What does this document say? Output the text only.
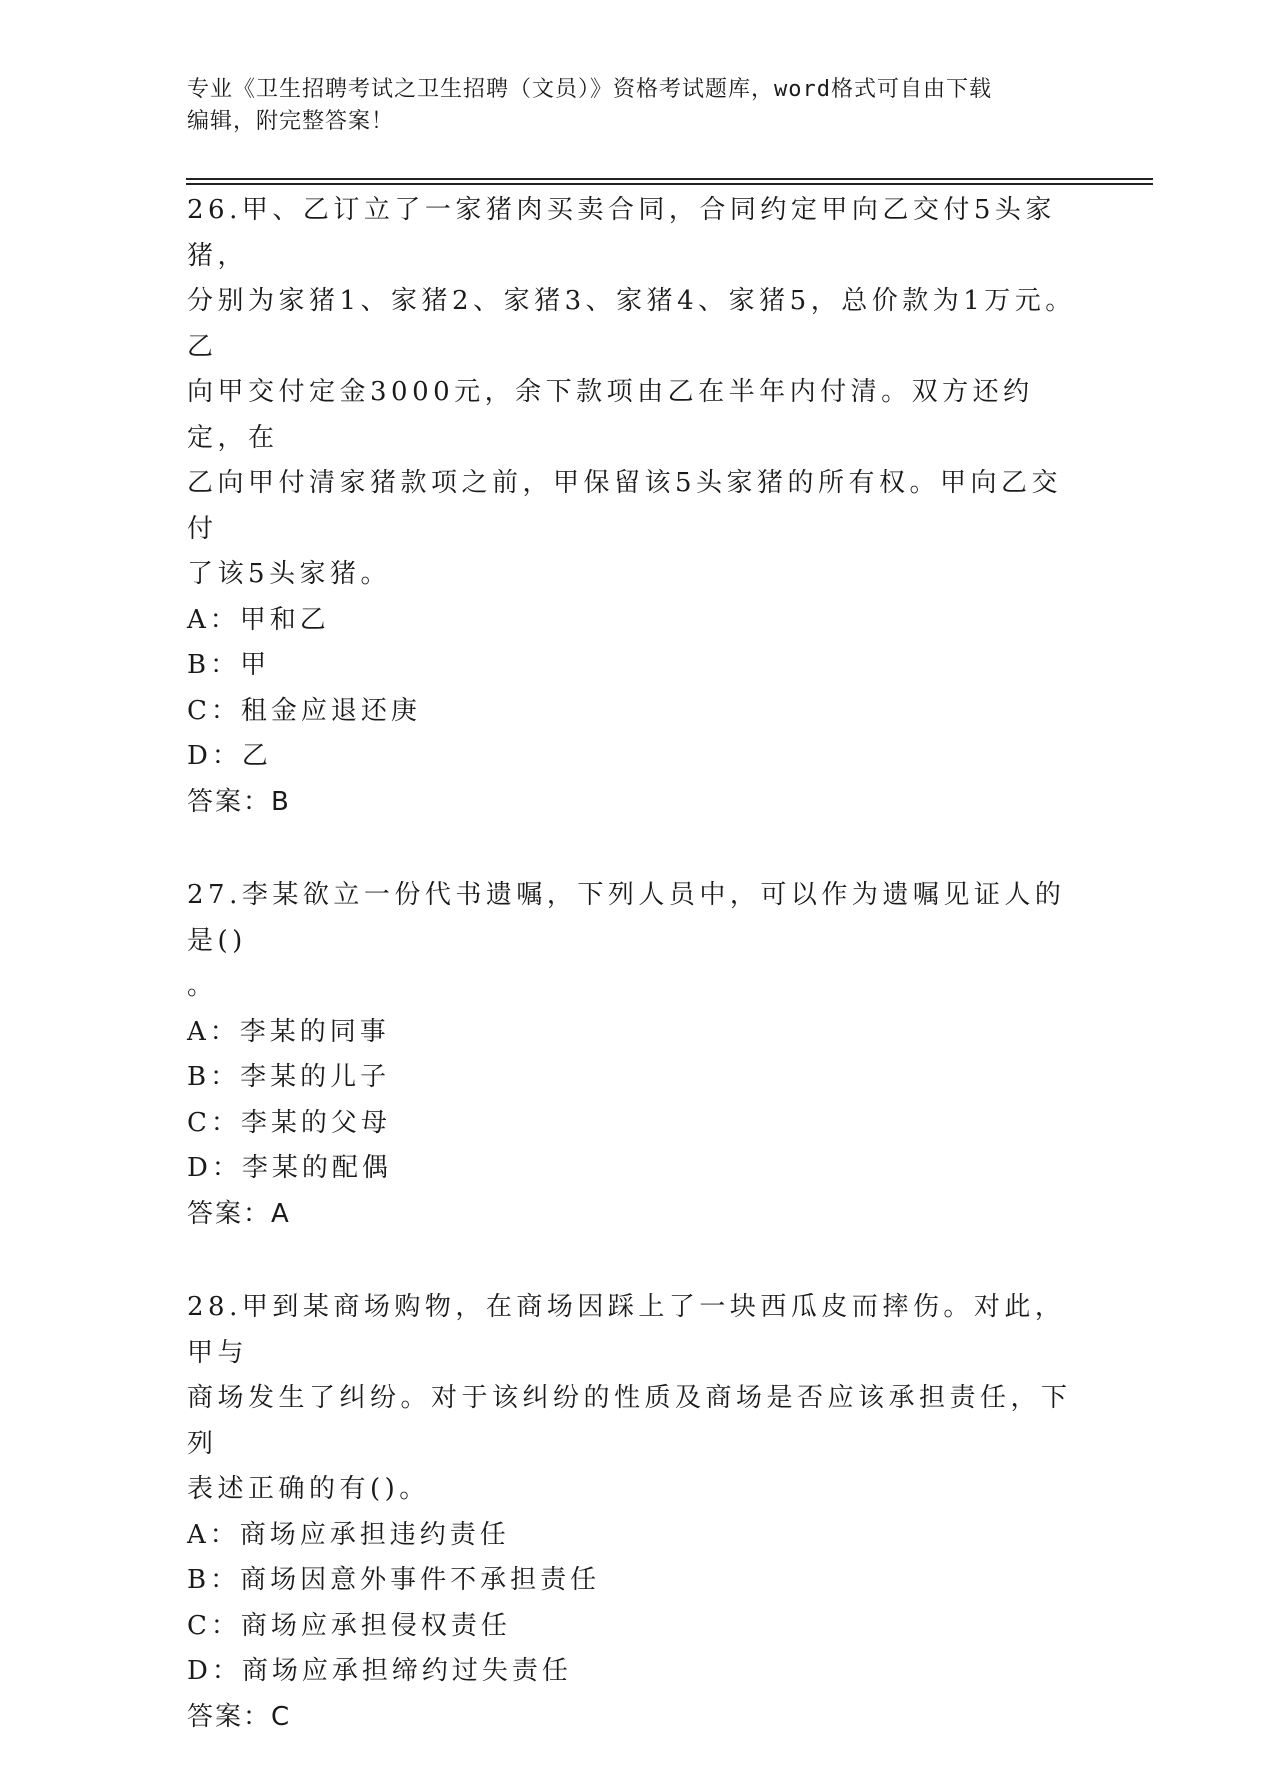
专业《卫生招聘考试之卫生招聘（文员）》资格考试题库，word格式可自由下载
编辑，附完整答案！
26.甲、乙订立了一家猪肉买卖合同，合同约定甲向乙交付5头家猪，
分别为家猪1、家猪2、家猪3、家猪4、家猪5，总价款为1万元。乙
向甲交付定金3000元，余下款项由乙在半年内付清。双方还约定，在
乙向甲付清家猪款项之前，甲保留该5头家猪的所有权。甲向乙交付
了该5头家猪。
A：甲和乙
B：甲
C：租金应退还庚
D：乙
答案：B
27.李某欲立一份代书遗嘱，下列人员中，可以作为遗嘱见证人的是()
。
A：李某的同事
B：李某的儿子
C：李某的父母
D：李某的配偶
答案：A
28.甲到某商场购物，在商场因踩上了一块西瓜皮而摔伤。对此，甲与
商场发生了纠纷。对于该纠纷的性质及商场是否应该承担责任，下列
表述正确的有()。
A：商场应承担违约责任
B：商场因意外事件不承担责任
C：商场应承担侵权责任
D：商场应承担缔约过失责任
答案：C
